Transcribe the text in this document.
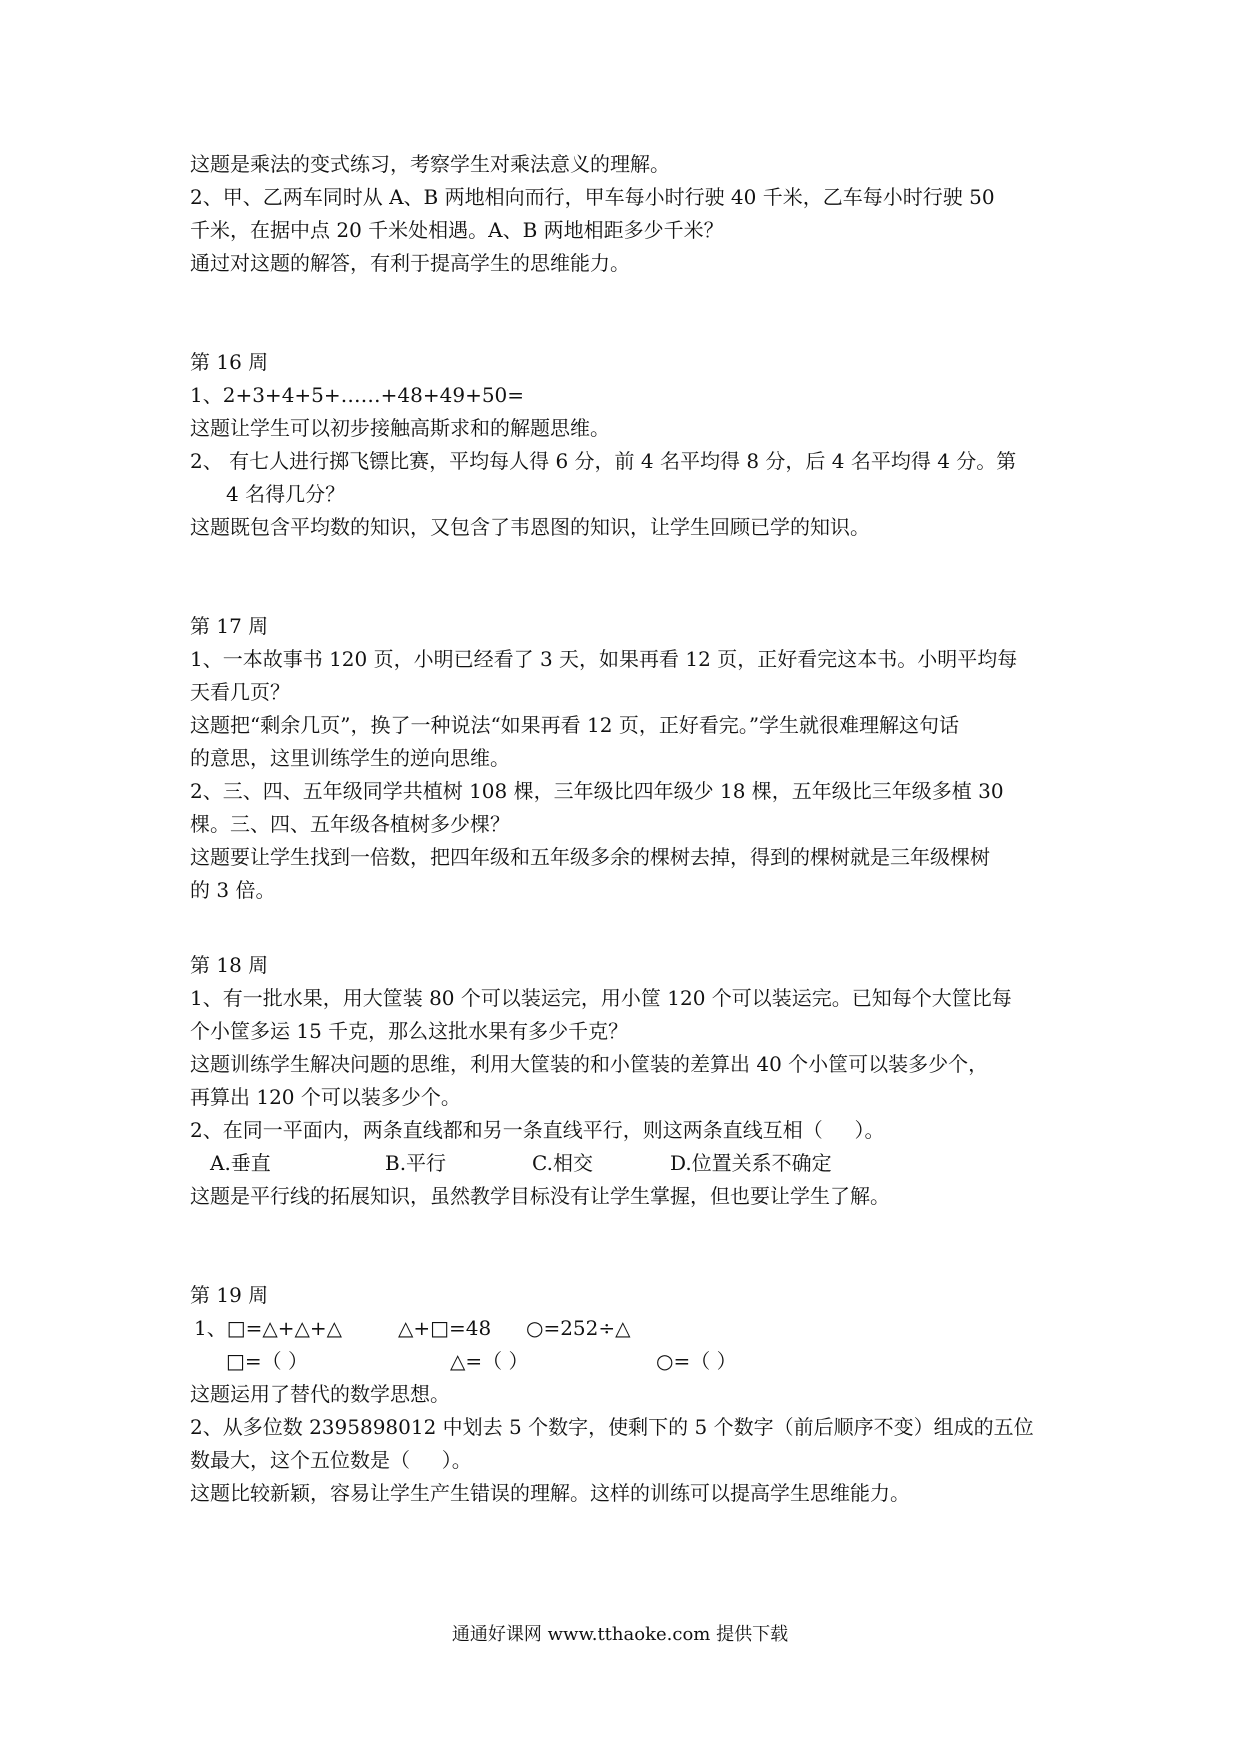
这题是乘法的变式练习，考察学生对乘法意义的理解。

2、甲、乙两车同时从 A、B 两地相向而行，甲车每小时行驶 40 千米，乙车每小时行驶 50

千米，在据中点 20 千米处相遇。A、B 两地相距多少千米？

通过对这题的解答，有利于提高学生的思维能力。

第 16 周

1、2+3+4+5+……+48+49+50=

这题让学生可以初步接触高斯求和的解题思维。

2、 有七人进行掷飞镖比赛，平均每人得 6 分，前 4 名平均得 8 分，后 4 名平均得 4 分。第

4 名得几分？

这题既包含平均数的知识，又包含了韦恩图的知识，让学生回顾已学的知识。

第 17 周

1、一本故事书 120 页，小明已经看了 3 天，如果再看 12 页，正好看完这本书。小明平均每

天看几页？

这题把“剩余几页”，换了一种说法“如果再看 12 页，正好看完。”学生就很难理解这句话

的意思，这里训练学生的逆向思维。

2、三、四、五年级同学共植树 108 棵，三年级比四年级少 18 棵，五年级比三年级多植 30

棵。三、四、五年级各植树多少棵？

这题要让学生找到一倍数，把四年级和五年级多余的棵树去掉，得到的棵树就是三年级棵树

的 3 倍。

第 18 周

1、有一批水果，用大筐装 80 个可以装运完，用小筐 120 个可以装运完。已知每个大筐比每

个小筐多运 15 千克，那么这批水果有多少千克？

这题训练学生解决问题的思维，利用大筐装的和小筐装的差算出 40 个小筐可以装多少个，

再算出 120 个可以装多少个。

2、在同一平面内，两条直线都和另一条直线平行，则这两条直线互相（     ）。

A.垂直	B.平行	C.相交	D.位置关系不确定

这题是平行线的拓展知识，虽然教学目标没有让学生掌握，但也要让学生了解。

第 19 周

1、□=△+△+△	△+□=48	○=252÷△
□=（ ）	△=（ ）	○=（ ）

这题运用了替代的数学思想。

2、从多位数 2395898012 中划去 5 个数字，使剩下的 5 个数字（前后顺序不变）组成的五位

数最大，这个五位数是（     ）。

这题比较新颖，容易让学生产生错误的理解。这样的训练可以提高学生思维能力。

通通好课网 www.tthaoke.com 提供下载
